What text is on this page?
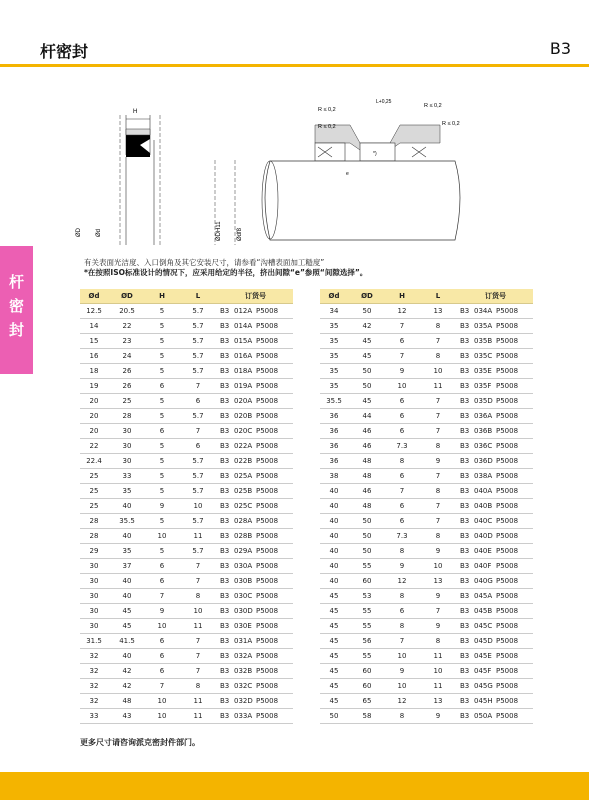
杆密封	B3
杆密封
H
ØD Ød
R ≤ 0,2
R ≤ 0,2
R ≤ 0,2
R ≤ 0,2
L+0,25
*)
e
ØDH11	Ødf8
有关表面光洁度、入口倒角及其它安装尺寸，请参看“沟槽表面加工糙度”
*在按照ISO标准设计的情况下，应采用给定的半径，挤出间隙“e”参照“间隙选择”。
Ød	ØD	H	L	订货号
12.5	20.5	5	5.7	B3 012A P5008
14	22	5	5.7	B3 014A P5008
15	23	5	5.7	B3 015A P5008
16	24	5	5.7	B3 016A P5008
18	26	5	5.7	B3 018A P5008
19	26	6	7	B3 019A P5008
20	25	5	6	B3 020A P5008
20	28	5	5.7	B3 020B P5008
20	30	6	7	B3 020C P5008
22	30	5	6	B3 022A P5008
22.4	30	5	5.7	B3 022B P5008
25	33	5	5.7	B3 025A P5008
25	35	5	5.7	B3 025B P5008
25	40	9	10	B3 025C P5008
28	35.5	5	5.7	B3 028A P5008
28	40	10	11	B3 028B P5008
29	35	5	5.7	B3 029A P5008
30	37	6	7	B3 030A P5008
30	40	6	7	B3 030B P5008
30	40	7	8	B3 030C P5008
30	45	9	10	B3 030D P5008
30	45	10	11	B3 030E P5008
31.5	41.5	6	7	B3 031A P5008
32	40	6	7	B3 032A P5008
32	42	6	7	B3 032B P5008
32	42	7	8	B3 032C P5008
32	48	10	11	B3 032D P5008
33	43	10	11	B3 033A P5008
Ød	ØD	H	L	订货号
34	50	12	13	B3 034A P5008
35	42	7	8	B3 035A P5008
35	45	6	7	B3 035B P5008
35	45	7	8	B3 035C P5008
35	50	9	10	B3 035E P5008
35	50	10	11	B3 035F P5008
35.5	45	6	7	B3 035D P5008
36	44	6	7	B3 036A P5008
36	46	6	7	B3 036B P5008
36	46	7.3	8	B3 036C P5008
36	48	8	9	B3 036D P5008
38	48	6	7	B3 038A P5008
40	46	7	8	B3 040A P5008
40	48	6	7	B3 040B P5008
40	50	6	7	B3 040C P5008
40	50	7.3	8	B3 040D P5008
40	50	8	9	B3 040E P5008
40	55	9	10	B3 040F P5008
40	60	12	13	B3 040G P5008
45	53	8	9	B3 045A P5008
45	55	6	7	B3 045B P5008
45	55	8	9	B3 045C P5008
45	56	7	8	B3 045D P5008
45	55	10	11	B3 045E P5008
45	60	9	10	B3 045F P5008
45	60	10	11	B3 045G P5008
45	65	12	13	B3 045H P5008
50	58	8	9	B3 050A P5008
更多尺寸请咨询派克密封件部门。
